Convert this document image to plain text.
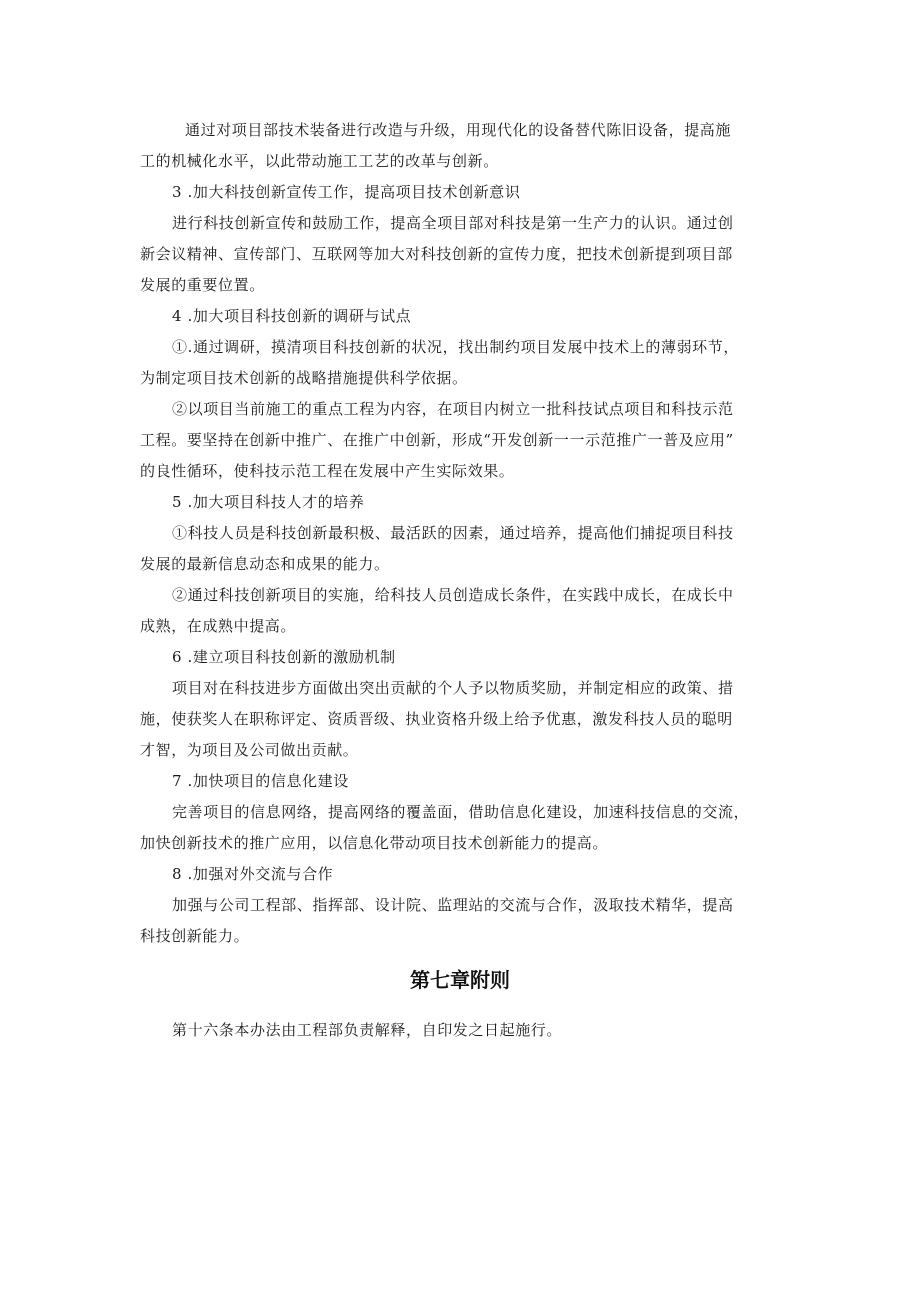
通过对项目部技术装备进行改造与升级，用现代化的设备替代陈旧设备，提高施
工的机械化水平，以此带动施工工艺的改革与创新。
3 .加大科技创新宣传工作，提高项目技术创新意识
进行科技创新宣传和鼓励工作，提高全项目部对科技是第一生产力的认识。通过创
新会议精神、宣传部门、互联网等加大对科技创新的宣传力度，把技术创新提到项目部
发展的重要位置。
4 .加大项目科技创新的调研与试点
①.通过调研，摸清项目科技创新的状况，找出制约项目发展中技术上的薄弱环节，
为制定项目技术创新的战略措施提供科学依据。
②以项目当前施工的重点工程为内容，在项目内树立一批科技试点项目和科技示范
工程。要坚持在创新中推广、在推广中创新，形成“开发创新一一示范推广一普及应用”
的良性循环，使科技示范工程在发展中产生实际效果。
5 .加大项目科技人才的培养
①科技人员是科技创新最积极、最活跃的因素，通过培养，提高他们捕捉项目科技
发展的最新信息动态和成果的能力。
②通过科技创新项目的实施，给科技人员创造成长条件，在实践中成长，在成长中
成熟，在成熟中提高。
6 .建立项目科技创新的激励机制
项目对在科技进步方面做出突出贡献的个人予以物质奖励，并制定相应的政策、措
施，使获奖人在职称评定、资质晋级、执业资格升级上给予优惠，激发科技人员的聪明
才智，为项目及公司做出贡献。
7 .加快项目的信息化建设
完善项目的信息网络，提高网络的覆盖面，借助信息化建设，加速科技信息的交流，
加快创新技术的推广应用，以信息化带动项目技术创新能力的提高。
8 .加强对外交流与合作
加强与公司工程部、指挥部、设计院、监理站的交流与合作，汲取技术精华，提高
科技创新能力。
第七章附则
第十六条本办法由工程部负责解释，自印发之日起施行。
